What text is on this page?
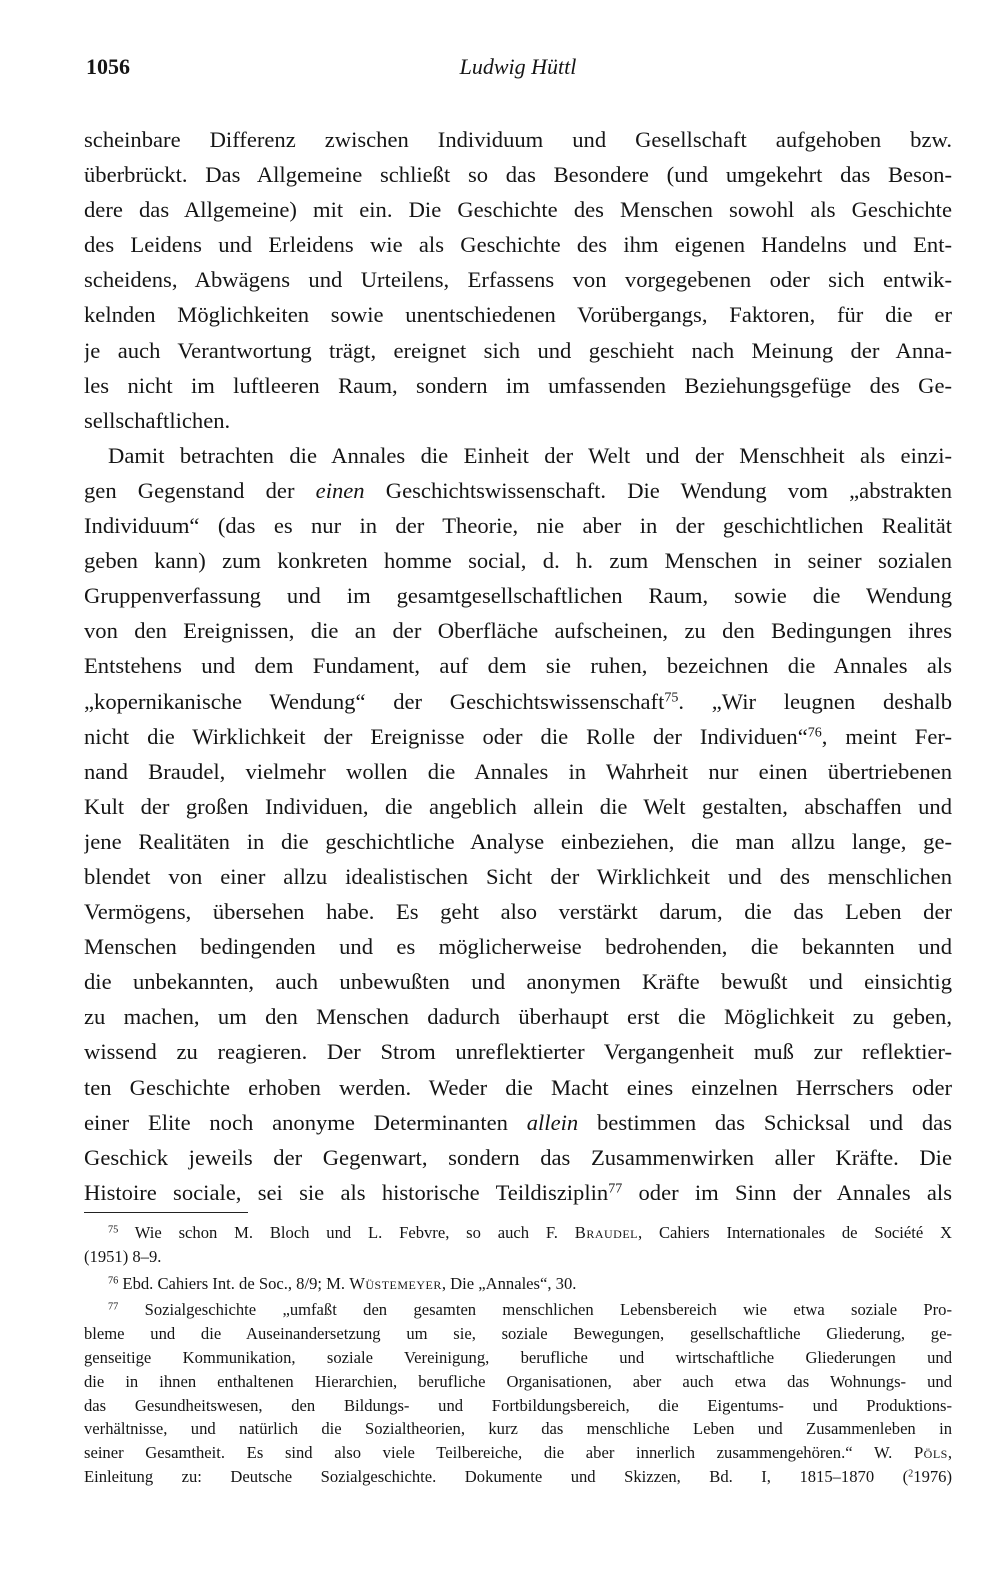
1056	Ludwig Hüttl
scheinbare Differenz zwischen Individuum und Gesellschaft aufgehoben bzw.
überbrückt. Das Allgemeine schließt so das Besondere (und umgekehrt das Beson-
dere das Allgemeine) mit ein. Die Geschichte des Menschen sowohl als Geschichte
des Leidens und Erleidens wie als Geschichte des ihm eigenen Handelns und Ent-
scheidens, Abwägens und Urteilens, Erfassens von vorgegebenen oder sich entwik-
kelnden Möglichkeiten sowie unentschiedenen Vorübergangs, Faktoren, für die er
je auch Verantwortung trägt, ereignet sich und geschieht nach Meinung der Anna-
les nicht im luftleeren Raum, sondern im umfassenden Beziehungsgefüge des Ge-
sellschaftlichen.
Damit betrachten die Annales die Einheit der Welt und der Menschheit als einzi-
gen Gegenstand der einen Geschichtswissenschaft. Die Wendung vom „abstrakten
Individuum“ (das es nur in der Theorie, nie aber in der geschichtlichen Realität
geben kann) zum konkreten homme social, d. h. zum Menschen in seiner sozialen
Gruppenverfassung und im gesamtgesellschaftlichen Raum, sowie die Wendung
von den Ereignissen, die an der Oberfläche aufscheinen, zu den Bedingungen ihres
Entstehens und dem Fundament, auf dem sie ruhen, bezeichnen die Annales als
„kopernikanische Wendung“ der Geschichtswissenschaft$^{75}$. „Wir leugnen deshalb
nicht die Wirklichkeit der Ereignisse oder die Rolle der Individuen“$^{76}$, meint Fer-
nand Braudel, vielmehr wollen die Annales in Wahrheit nur einen übertriebenen
Kult der großen Individuen, die angeblich allein die Welt gestalten, abschaffen und
jene Realitäten in die geschichtliche Analyse einbeziehen, die man allzu lange, ge-
blendet von einer allzu idealistischen Sicht der Wirklichkeit und des menschlichen
Vermögens, übersehen habe. Es geht also verstärkt darum, die das Leben der
Menschen bedingenden und es möglicherweise bedrohenden, die bekannten und
die unbekannten, auch unbewußten und anonymen Kräfte bewußt und einsichtig
zu machen, um den Menschen dadurch überhaupt erst die Möglichkeit zu geben,
wissend zu reagieren. Der Strom unreflektierter Vergangenheit muß zur reflektier-
ten Geschichte erhoben werden. Weder die Macht eines einzelnen Herrschers oder
einer Elite noch anonyme Determinanten allein bestimmen das Schicksal und das
Geschick jeweils der Gegenwart, sondern das Zusammenwirken aller Kräfte. Die
Histoire sociale, sei sie als historische Teildisziplin$^{77}$ oder im Sinn der Annales als
$^{75}$ Wie schon M. Bloch und L. Febvre, so auch F. Braudel, Cahiers Internationales de Société X
(1951) 8–9.
$^{76}$ Ebd. Cahiers Int. de Soc., 8/9; M. Wüstemeyer, Die „Annales“, 30.
$^{77}$ Sozialgeschichte „umfaßt den gesamten menschlichen Lebensbereich wie etwa soziale Pro-
bleme und die Auseinandersetzung um sie, soziale Bewegungen, gesellschaftliche Gliederung, ge-
genseitige Kommunikation, soziale Vereinigung, berufliche und wirtschaftliche Gliederungen und
die in ihnen enthaltenen Hierarchien, berufliche Organisationen, aber auch etwa das Wohnungs- und
das Gesundheitswesen, den Bildungs- und Fortbildungsbereich, die Eigentums- und Produktions-
verhältnisse, und natürlich die Sozialtheorien, kurz das menschliche Leben und Zusammenleben in
seiner Gesamtheit. Es sind also viele Teilbereiche, die aber innerlich zusammengehören.“ W. Pöls,
Einleitung zu: Deutsche Sozialgeschichte. Dokumente und Skizzen, Bd. I, 1815–1870 ($^2$1976)
